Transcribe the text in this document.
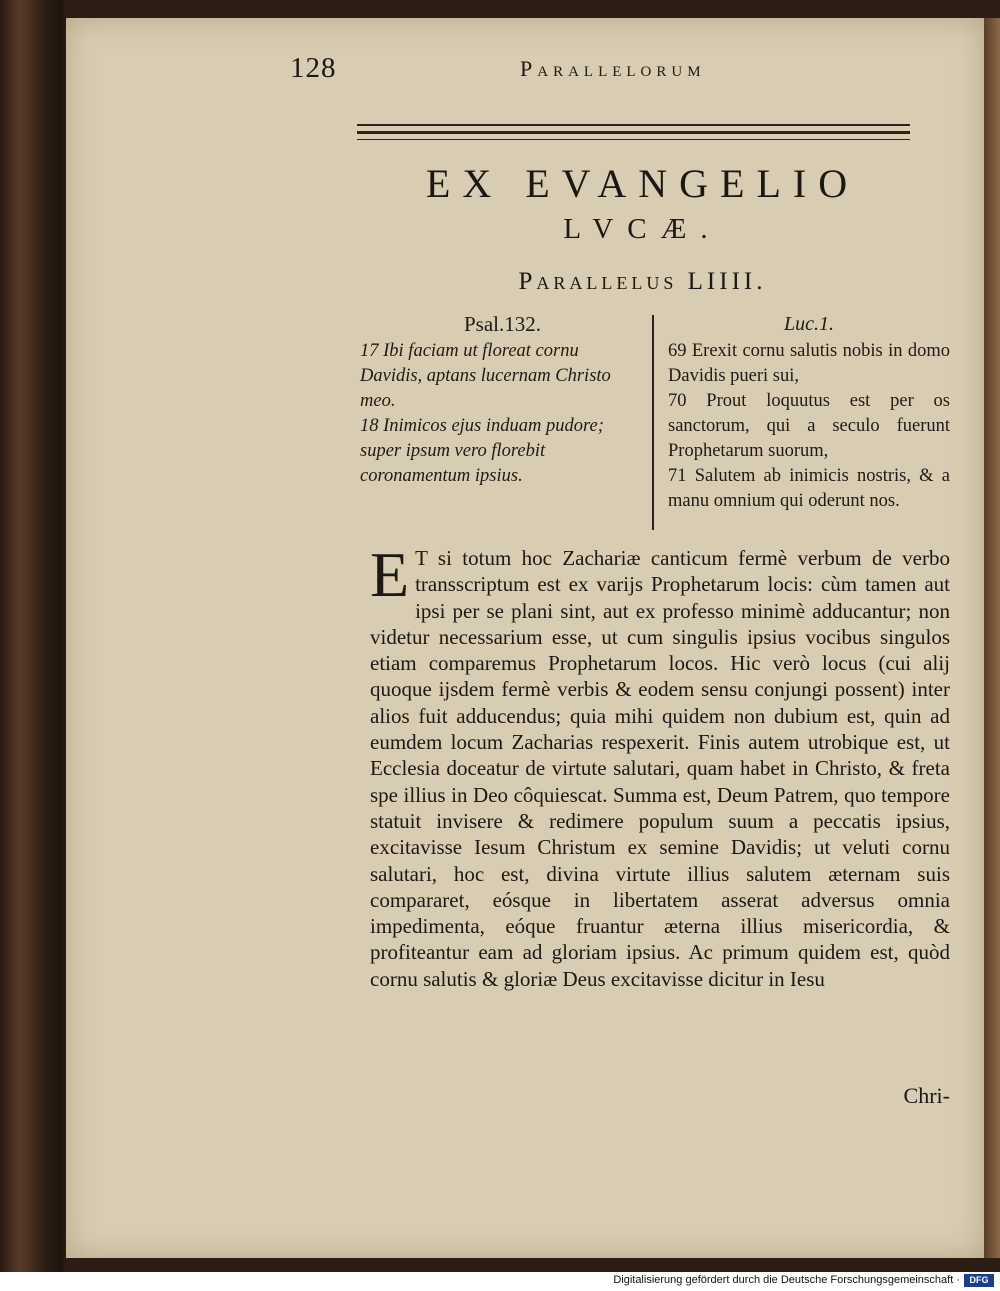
128	Parallelorum
EX EVANGELIO
LVCÆ.
Parallelus LIIII.
Psal.132.
17 Ibi faciam ut floreat cornu Davidis, aptans lucernam Christo meo.
18 Inimicos ejus induam pudore; super ipsum vero florebit coronamentum ipsius.
Luc.1.
69 Erexit cornu salutis nobis in domo Davidis pueri sui,
70 Prout loquutus est per os sanctorum, qui a seculo fuerunt Prophetarum suorum,
71 Salutem ab inimicis nostris, & a manu omnium qui oderunt nos.
E T si totum hoc Zachariæ canticum fermè verbum de verbo transscriptum est ex varijs Prophetarum locis: cùm tamen aut ipsi per se plani sint, aut ex professo minimè adducantur; non videtur necessarium esse, ut cum singulis ipsius vocibus singulos etiam comparemus Prophetarum locos. Hic verò locus (cui alij quoque ijsdem fermè verbis & eodem sensu conjungi possent) inter alios fuit adducendus; quia mihi quidem non dubium est, quin ad eumdem locum Zacharias respexerit. Finis autem utrobique est, ut Ecclesia doceatur de virtute salutari, quam habet in Christo, & freta spe illius in Deo côquiescat. Summa est, Deum Patrem, quo tempore statuit invisere & redimere populum suum a peccatis ipsius, excitavisse Iesum Christum ex semine Davidis; ut veluti cornu salutari, hoc est, divina virtute illius salutem æternam suis compararet, eósque in libertatem asserat adversus omnia impedimenta, eóque fruantur æterna illius misericordia, & profiteantur eam ad gloriam ipsius. Ac primum quidem est, quòd cornu salutis & gloriæ Deus excitavisse dicitur in Iesu

Chri-
Digitalisierung gefördert durch die Deutsche Forschungsgemeinschaft ·	DFG
